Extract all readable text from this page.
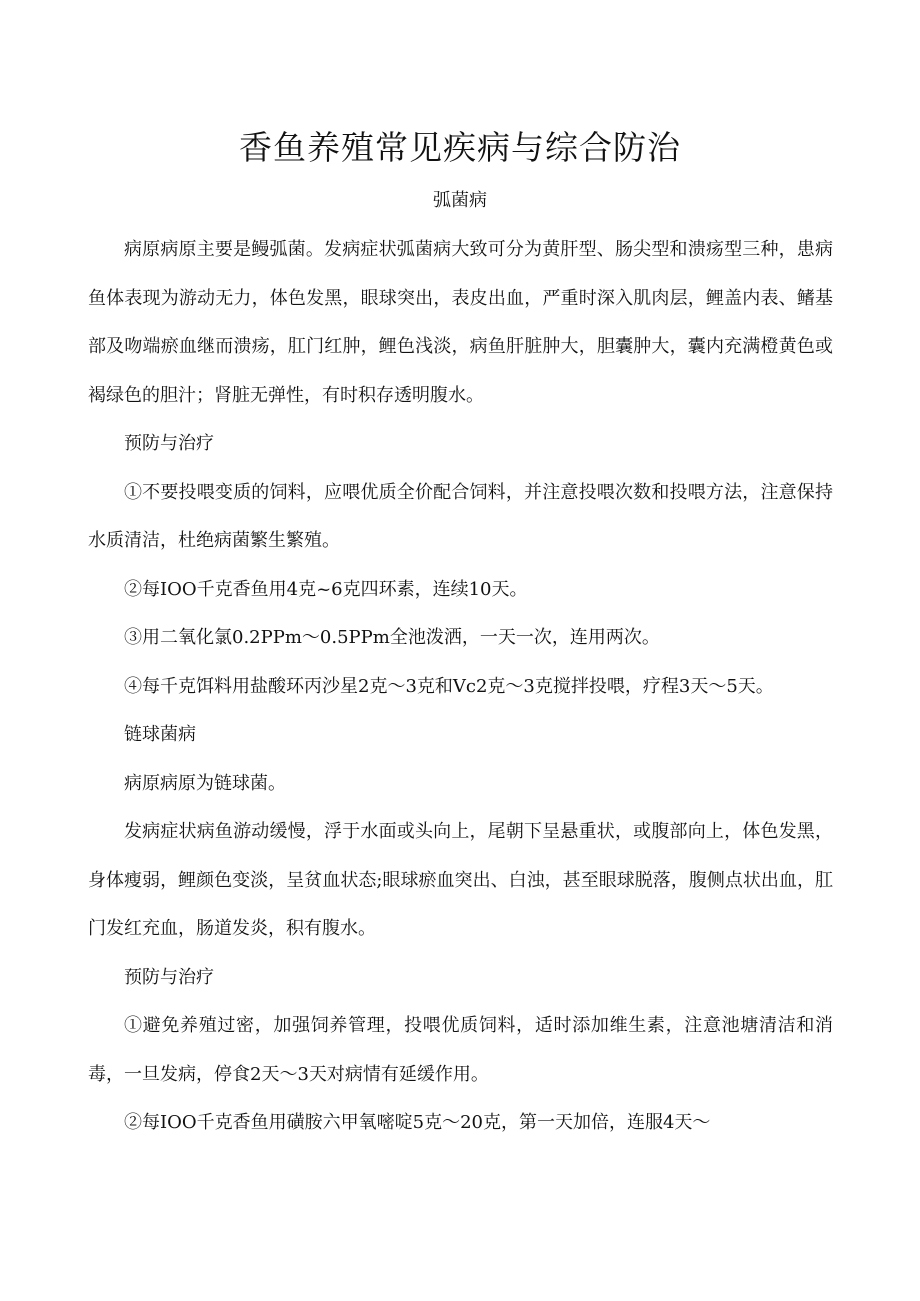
香鱼养殖常见疾病与综合防治

弧菌病

病原病原主要是鳗弧菌。发病症状弧菌病大致可分为黄肝型、肠尖型和溃疡型三种，患病鱼体表现为游动无力，体色发黑，眼球突出，表皮出血，严重时深入肌肉层，鲤盖内表、鳍基部及吻端瘀血继而溃疡，肛门红肿，鲤色浅淡，病鱼肝脏肿大，胆囊肿大，囊内充满橙黄色或褐绿色的胆汁；肾脏无弹性，有时积存透明腹水。

预防与治疗

①不要投喂变质的饲料，应喂优质全价配合饲料，并注意投喂次数和投喂方法，注意保持水质清洁，杜绝病菌繁生繁殖。

②每IOO千克香鱼用4克~6克四环素，连续10天。

③用二氧化氯0.2PPm～0.5PPm全池泼洒，一天一次，连用两次。

④每千克饵料用盐酸环丙沙星2克～3克和Vc2克～3克搅拌投喂，疗程3天～5天。

链球菌病

病原病原为链球菌。

发病症状病鱼游动缓慢，浮于水面或头向上，尾朝下呈悬重状，或腹部向上，体色发黑，身体瘦弱，鲤颜色变淡，呈贫血状态;眼球瘀血突出、白浊，甚至眼球脱落，腹侧点状出血，肛门发红充血，肠道发炎，积有腹水。

预防与治疗

①避免养殖过密，加强饲养管理，投喂优质饲料，适时添加维生素，注意池塘清洁和消毒，一旦发病，停食2天～3天对病情有延缓作用。

②每IOO千克香鱼用磺胺六甲氧嘧啶5克～20克，第一天加倍，连服4天～
